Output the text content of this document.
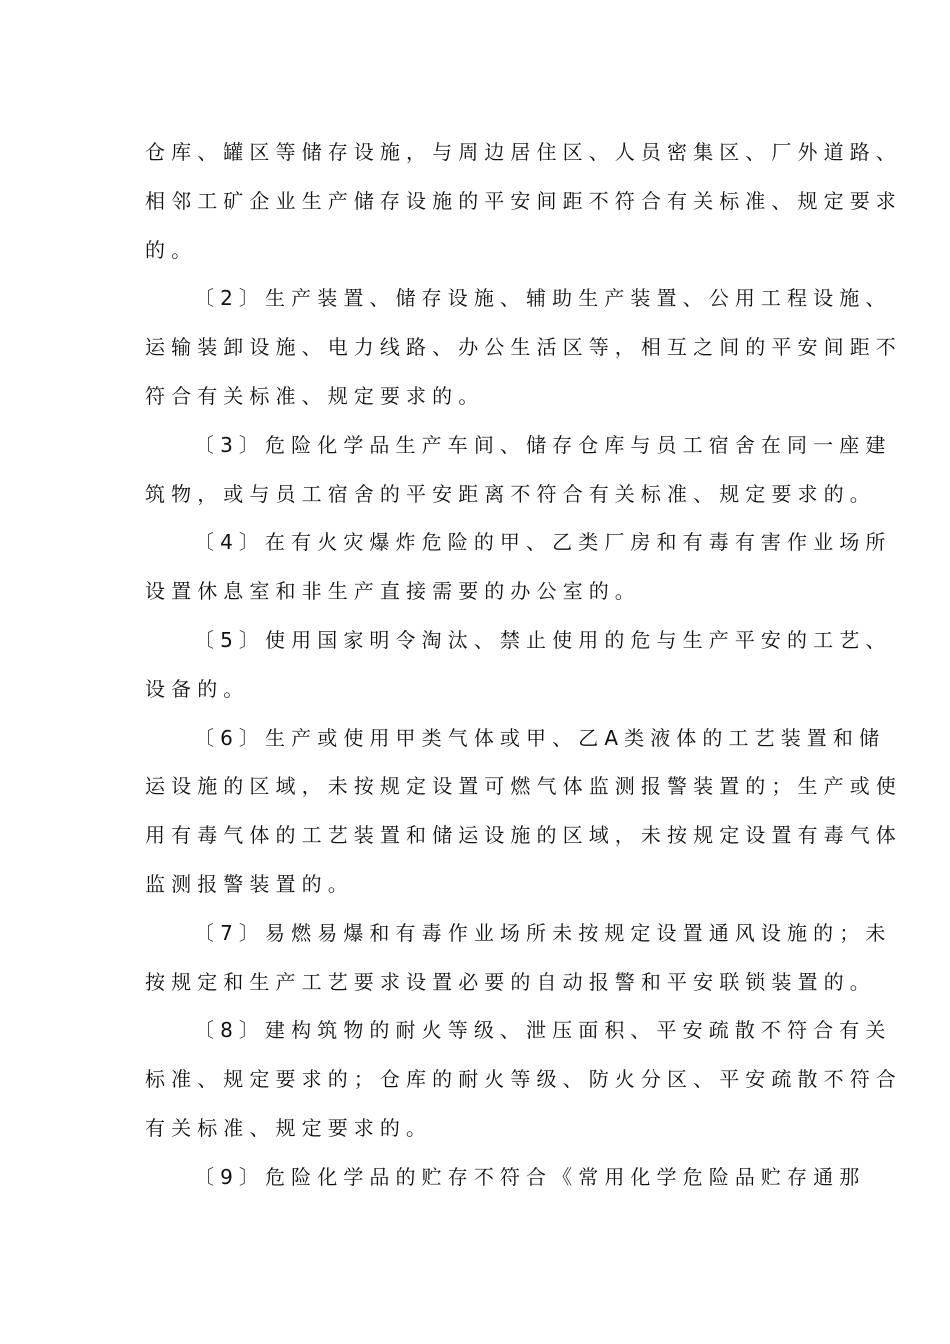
仓库、罐区等储存设施，与周边居住区、人员密集区、厂外道路、
相邻工矿企业生产储存设施的平安间距不符合有关标准、规定要求
的。

〔2〕生产装置、储存设施、辅助生产装置、公用工程设施、
运输装卸设施、电力线路、办公生活区等，相互之间的平安间距不
符合有关标准、规定要求的。

〔3〕危险化学品生产车间、储存仓库与员工宿舍在同一座建
筑物，或与员工宿舍的平安距离不符合有关标准、规定要求的。

〔4〕在有火灾爆炸危险的甲、乙类厂房和有毒有害作业场所
设置休息室和非生产直接需要的办公室的。

〔5〕使用国家明令淘汰、禁止使用的危与生产平安的工艺、
设备的。

〔6〕生产或使用甲类气体或甲、乙A类液体的工艺装置和储
运设施的区域，未按规定设置可燃气体监测报警装置的；生产或使
用有毒气体的工艺装置和储运设施的区域，未按规定设置有毒气体
监测报警装置的。

〔7〕易燃易爆和有毒作业场所未按规定设置通风设施的；未
按规定和生产工艺要求设置必要的自动报警和平安联锁装置的。

〔8〕建构筑物的耐火等级、泄压面积、平安疏散不符合有关
标准、规定要求的；仓库的耐火等级、防火分区、平安疏散不符合
有关标准、规定要求的。

〔9〕危险化学品的贮存不符合《常用化学危险品贮存通那
